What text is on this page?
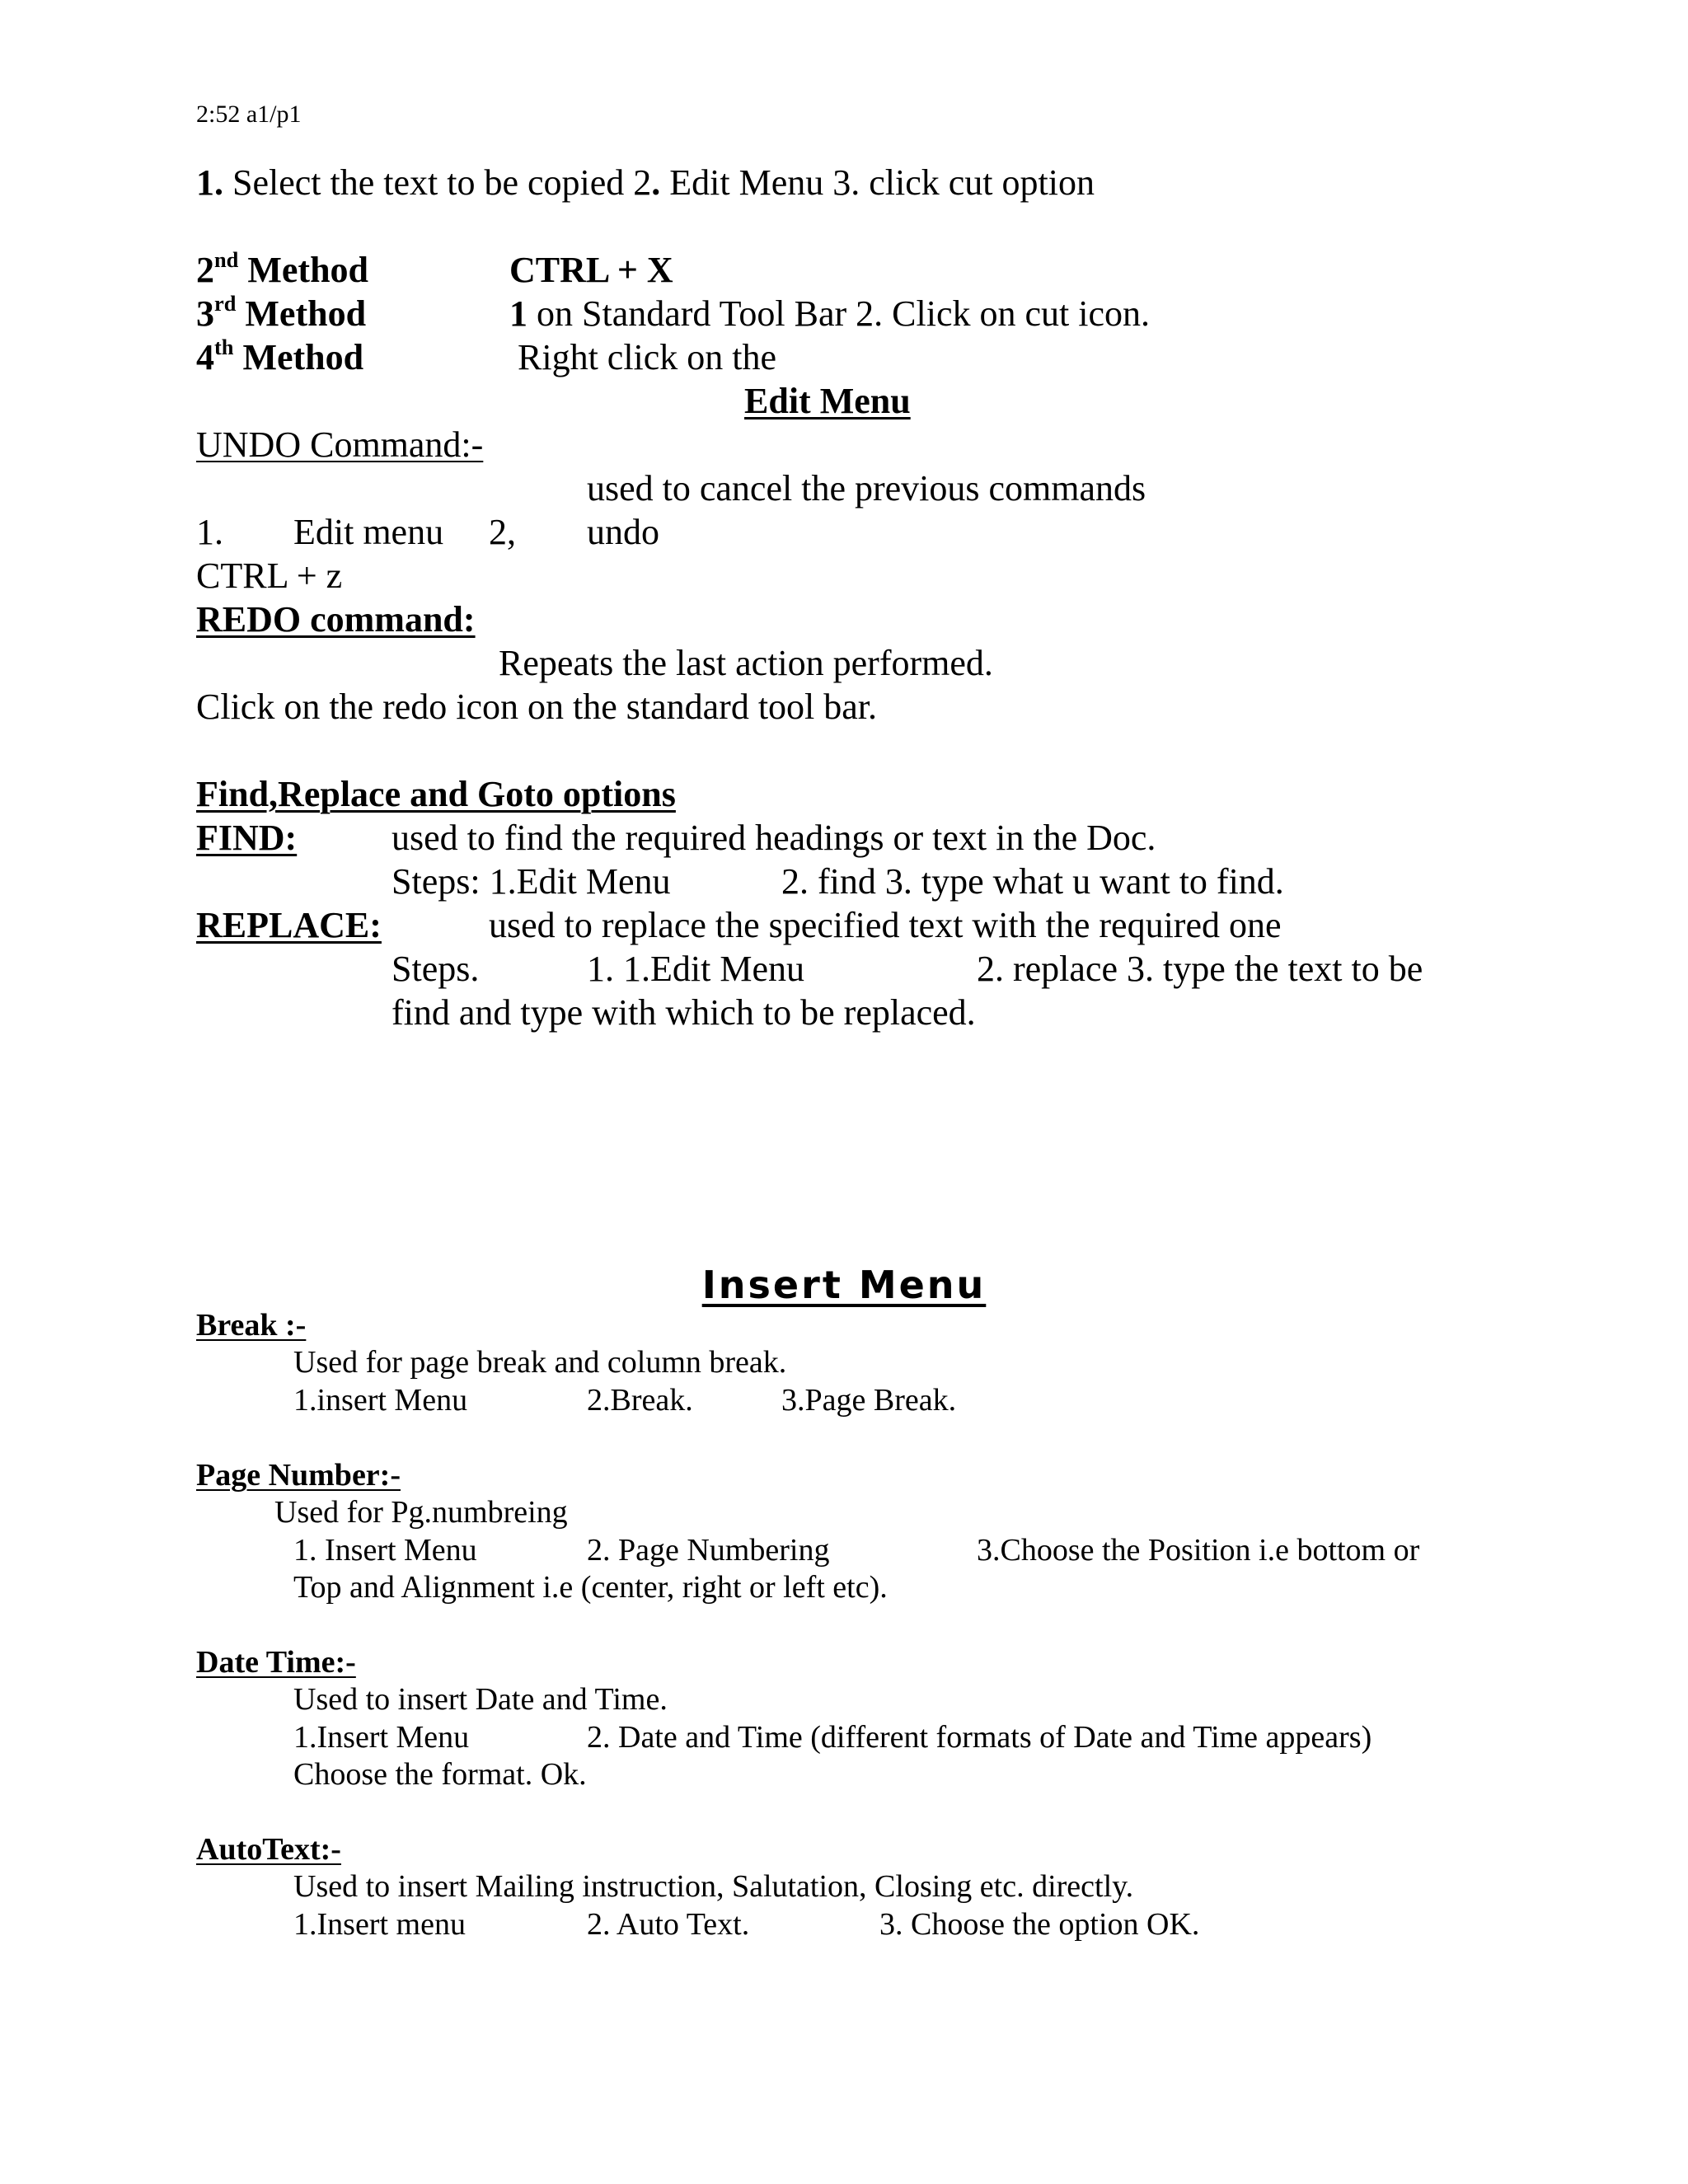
2:52 a1/p1
1. Select the text to be copied 2. Edit Menu 3. click cut option
2nd Method	CTRL + X
3rd Method	1 on Standard Tool Bar 2. Click on cut icon.
4th Method	Right click on the
Edit Menu
UNDO Command:-
used to cancel the previous commands
1. Edit menu 2, undo
CTRL + z
REDO command:
Repeats the last action performed.
Click on the redo icon on the standard tool bar.
Find,Replace and Goto options
FIND:	used to find the required headings or text in the Doc.
Steps: 1.Edit Menu	2. find 3. type what u want to find.
REPLACE:	used to replace the specified text with the required one
Steps.	1. 1.Edit Menu	2. replace 3. type the text to be
find and type with which to be replaced.
Insert Menu
Break :-
Used for page break and column break.
1.insert Menu	2.Break.	3.Page Break.
Page Number:-
Used for Pg.numbreing
1. Insert Menu	2. Page Numbering	3.Choose the Position i.e bottom or
Top and Alignment i.e (center, right or left etc).
Date Time:-
Used to insert Date and Time.
1.Insert Menu	2. Date and Time (different formats of Date and Time appears)
Choose the format. Ok.
AutoText:-
Used to insert Mailing instruction, Salutation, Closing etc. directly.
1.Insert menu	2. Auto Text.	3. Choose the option OK.
